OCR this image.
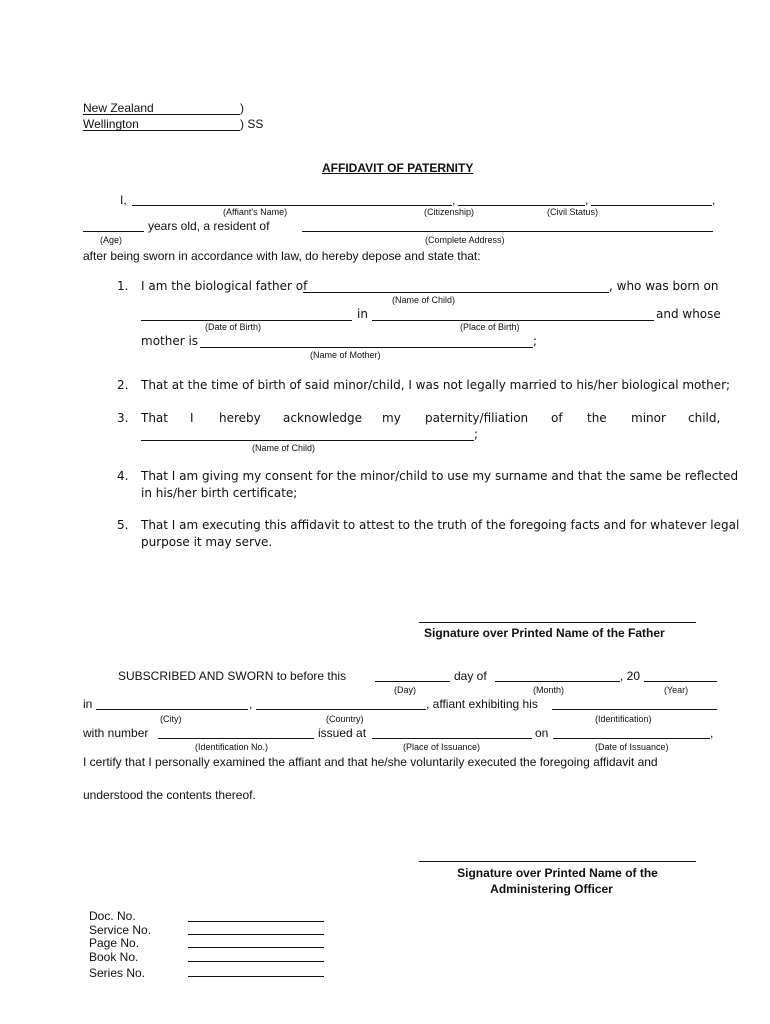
New Zealand	)
Wellington	) SS
AFFIDAVIT OF PATERNITY
I,	,	,	,
(Affiant's Name)	(Citizenship)	(Civil Status)
years old, a resident of
(Age)	(Complete Address)
after being sworn in accordance with law, do hereby depose and state that:
1. I am the biological father of	, who was born on
(Name of Child)
in	and whose
(Date of Birth)	(Place of Birth)
mother is	;
(Name of Mother)
2. That at the time of birth of said minor/child, I was not legally married to his/her biological mother;
3. That I hereby acknowledge my paternity/filiation of the minor child,
;
(Name of Child)
4. That I am giving my consent for the minor/child to use my surname and that the same be reflected
in his/her birth certificate;
5. That I am executing this affidavit to attest to the truth of the foregoing facts and for whatever legal
purpose it may serve.
Signature over Printed Name of the Father
SUBSCRIBED AND SWORN to before this	day of	, 20
(Day)	(Month)	(Year)
in	,	, affiant exhibiting his
(City)	(Country)	(Identification)
with number	issued at	on	,
(Identification No.)	(Place of Issuance)	(Date of Issuance)
I certify that I personally examined the affiant and that he/she voluntarily executed the foregoing affidavit and
understood the contents thereof.
Signature over Printed Name of the
Administering Officer
Doc. No.
Service No.
Page No.
Book No.
Series No.
